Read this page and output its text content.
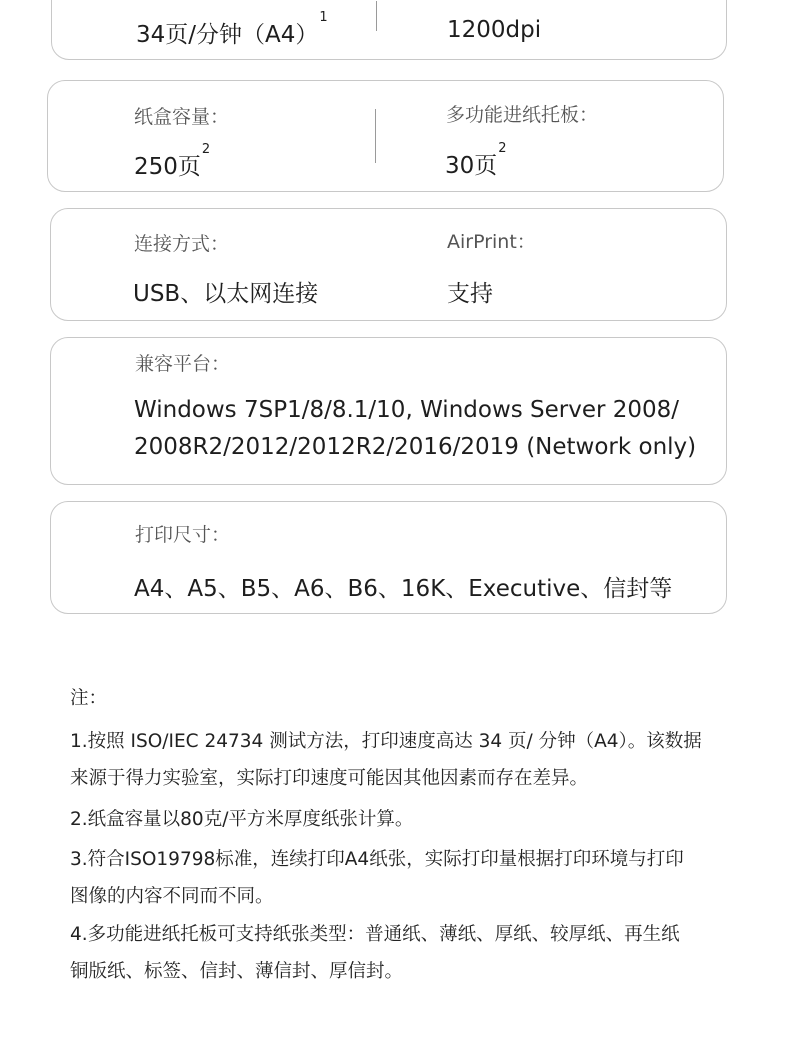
34页/分钟$(A4)^1$	1200dpi
纸盒容量：
250页$^2$
多功能进纸托板：
30页$^2$
连接方式：
USB、以太网连接
AirPrint：
支持
兼容平台：
Windows 7SP1/8/8.1/10, Windows Server 2008/
2008R2/2012/2012R2/2016/2019 (Network only)
打印尺寸：
A4、A5、B5、A6、B6、16K、Executive、信封等
注：
1.按照 ISO/IEC 24734 测试方法，打印速度高达 34 页/ 分钟（A4）。该数据
来源于得力实验室，实际打印速度可能因其他因素而存在差异。
2.纸盒容量以80克/平方米厚度纸张计算。
3.符合ISO19798标准，连续打印A4纸张，实际打印量根据打印环境与打印
图像的内容不同而不同。
4.多功能进纸托板可支持纸张类型：普通纸、薄纸、厚纸、较厚纸、再生纸
铜版纸、标签、信封、薄信封、厚信封。
